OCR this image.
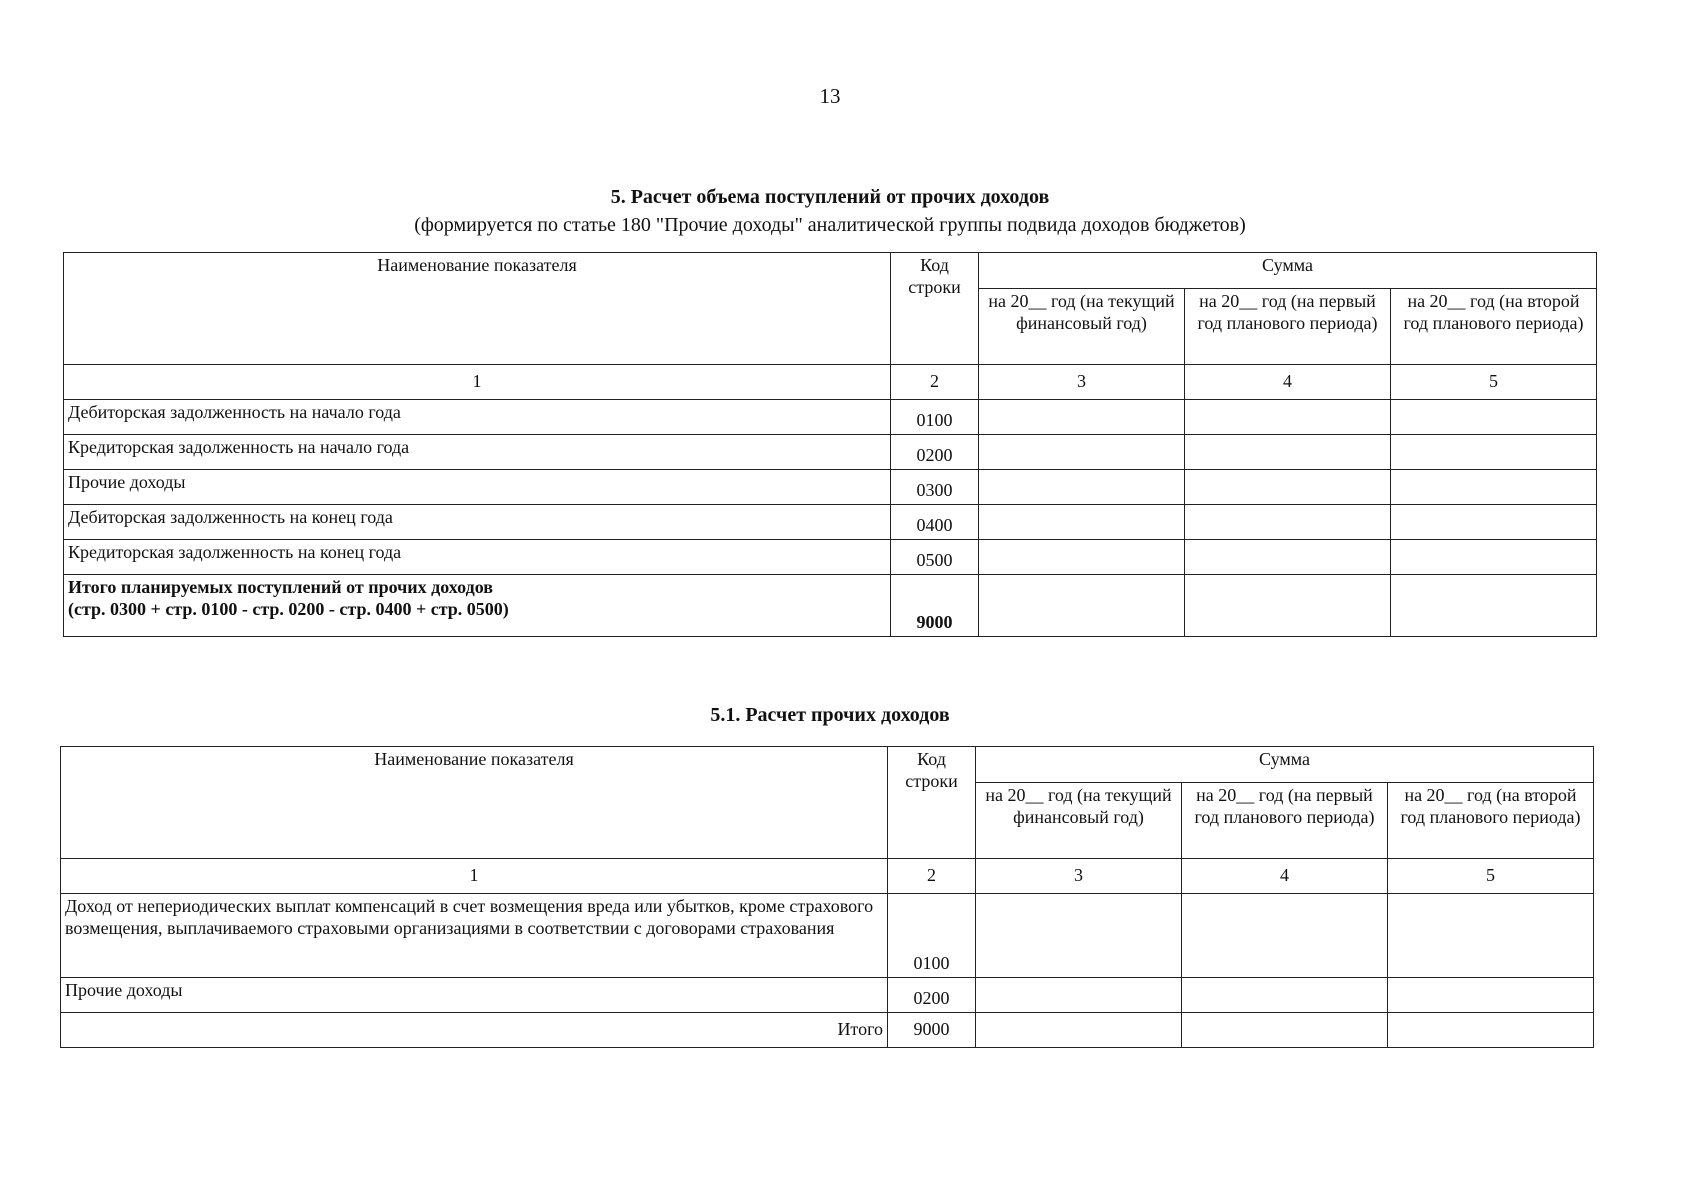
13
5. Расчет объема поступлений от прочих доходов
(формируется по статье 180 "Прочие доходы" аналитической группы подвида доходов бюджетов)
Наименование показателя	Код строки	Сумма		
		на 20__ год (на текущий финансовый год)	на 20__ год (на первый год планового периода)	на 20__ год (на второй год планового периода)
1	2	3	4	5
Дебиторская задолженность на начало года	0100			
Кредиторская задолженность на начало года	0200			
Прочие доходы	0300			
Дебиторская задолженность на конец года	0400			
Кредиторская задолженность на конец года	0500			

Итого планируемых поступлений от прочих доходов
(стр. 0300 + стр. 0100 - стр. 0200 - стр. 0400 + стр. 0500)	9000			
5.1. Расчет прочих доходов
Наименование показателя	Код строки	Сумма		
		на 20__ год (на текущий финансовый год)	на 20__ год (на первый год планового периода)	на 20__ год (на второй год планового периода)
1	2	3	4	5
Доход от непериодических выплат компенсаций в счет возмещения вреда или убытков, кроме страхового возмещения, выплачиваемого страховыми организациями в соответствии с договорами страхования	0100			
Прочие доходы	0200			
Итого	9000			
